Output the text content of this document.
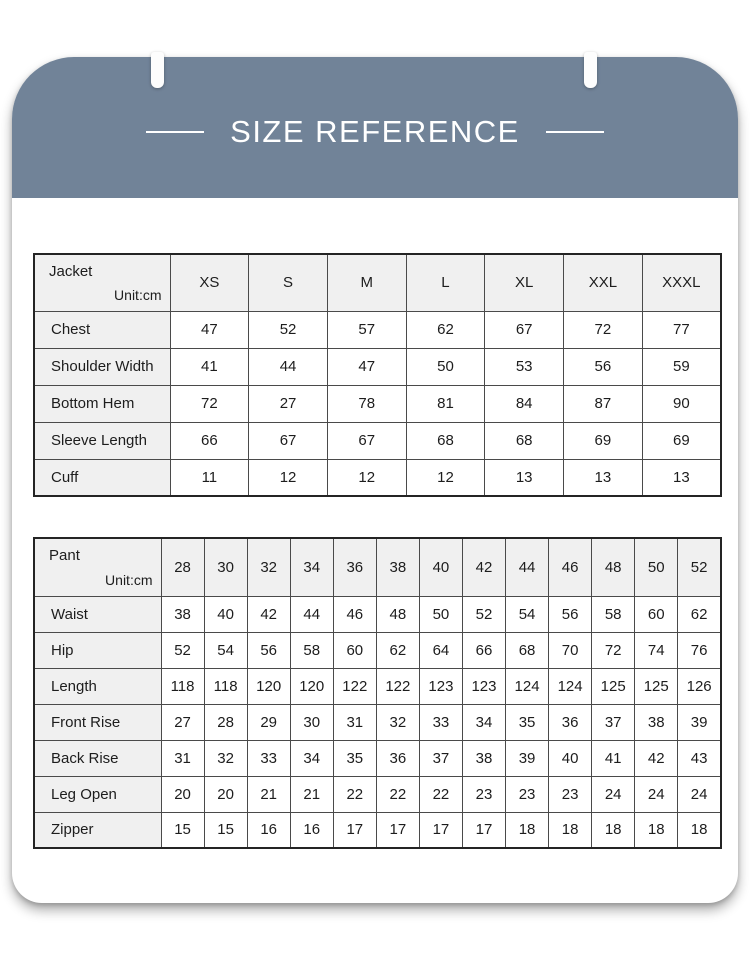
SIZE REFERENCE
Jacket
Unit:cm	XS	S	M	L	XL	XXL	XXXL
Chest	47	52	57	62	67	72	77
Shoulder Width	41	44	47	50	53	56	59
Bottom Hem	72	27	78	81	84	87	90
Sleeve Length	66	67	67	68	68	69	69
Cuff	11	12	12	12	13	13	13
Pant
Unit:cm	28	30	32	34	36	38	40	42	44	46	48	50	52
Waist	38	40	42	44	46	48	50	52	54	56	58	60	62
Hip	52	54	56	58	60	62	64	66	68	70	72	74	76
Length	118	118	120	120	122	122	123	123	124	124	125	125	126
Front Rise	27	28	29	30	31	32	33	34	35	36	37	38	39
Back Rise	31	32	33	34	35	36	37	38	39	40	41	42	43
Leg Open	20	20	21	21	22	22	22	23	23	23	24	24	24
Zipper	15	15	16	16	17	17	17	17	18	18	18	18	18
